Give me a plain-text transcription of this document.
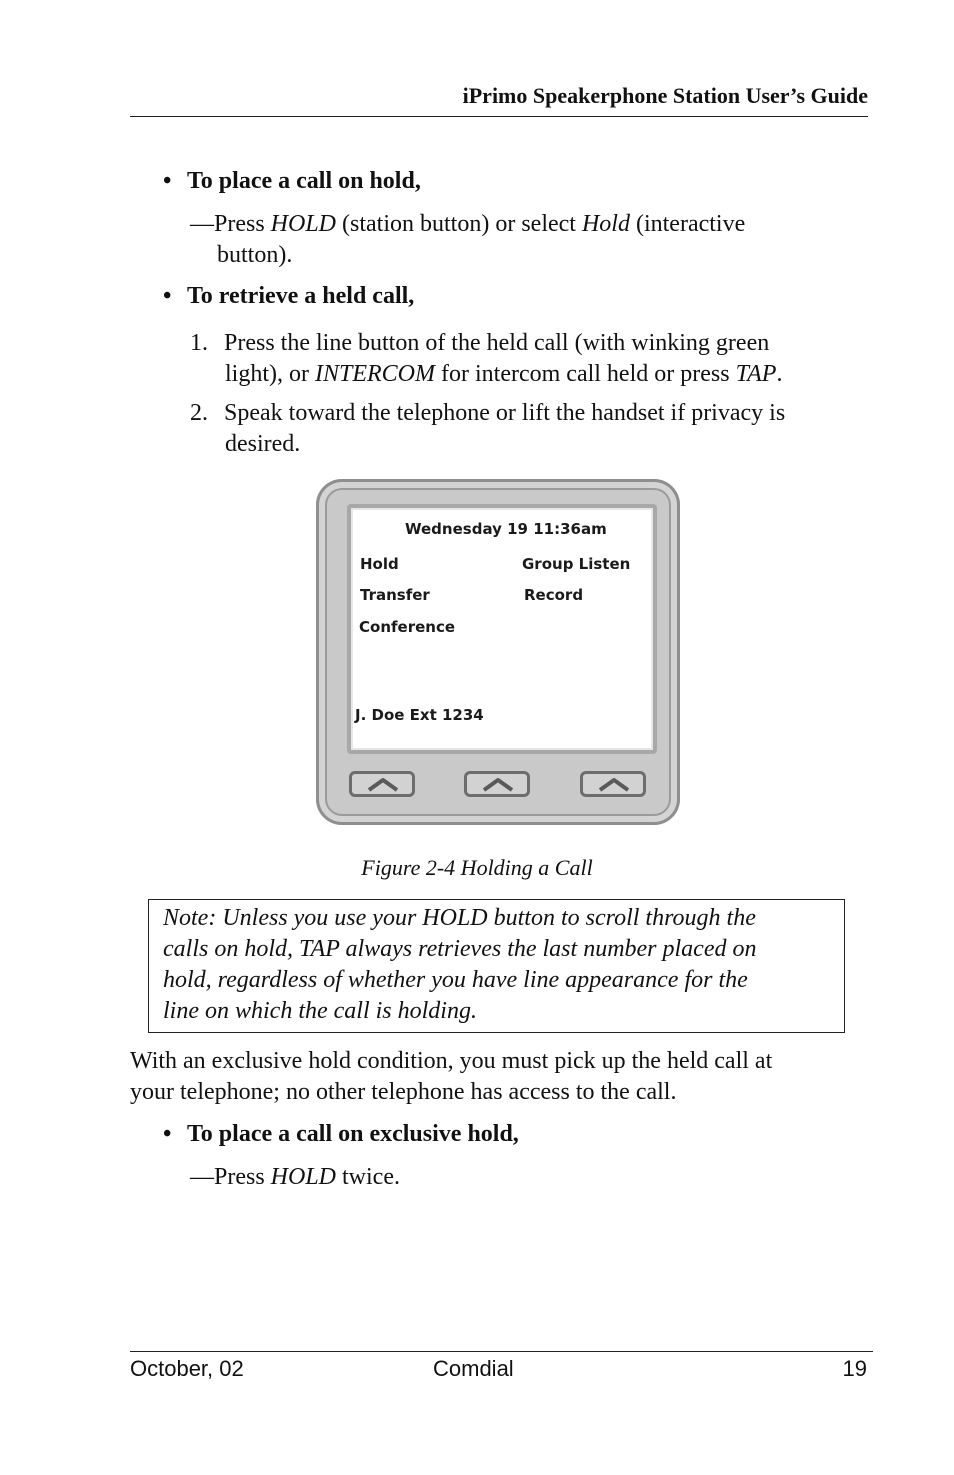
iPrimo Speakerphone Station User’s Guide
• To place a call on hold,
—Press HOLD (station button) or select Hold (interactive
button).
• To retrieve a held call,
1. Press the line button of the held call (with winking green
light), or INTERCOM for intercom call held or press TAP.
2. Speak toward the telephone or lift the handset if privacy is
desired.
Wednesday 19 11:36am
Hold
Transfer
Conference
Group Listen
Record
J. Doe Ext 1234
Figure 2-4 Holding a Call
Note: Unless you use your HOLD button to scroll through the
calls on hold, TAP always retrieves the last number placed on
hold, regardless of whether you have line appearance for the
line on which the call is holding.
With an exclusive hold condition, you must pick up the held call at
your telephone; no other telephone has access to the call.
• To place a call on exclusive hold,
—Press HOLD twice.
October, 02	Comdial	19
